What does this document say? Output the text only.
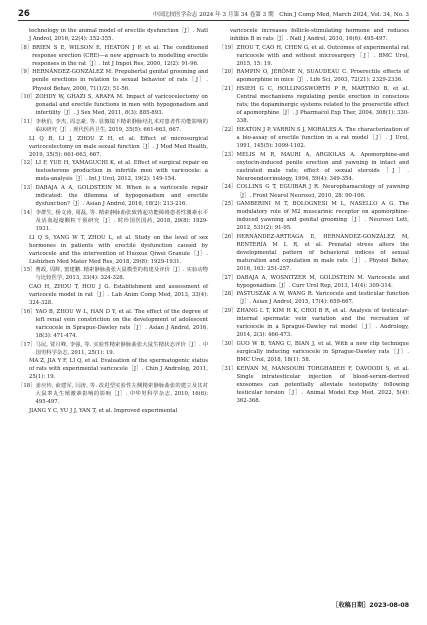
26	中国比较医学杂志 2024 年 3 月第 34 卷第 3 期　Chin J Comp Med, March 2024, Vol. 34, No. 3
technology in the animal model of erectile dysfunction［J］. Natl J Androl, 2016, 22(4): 352-355.
［8］ BRIEN S E, WILSON E, HEATON J P, et al. The conditioned response erection (CRE)—a new approach to modelling erectile responses in the rat［J］. Int J Impot Res, 2000, 12(2): 91-96.
［9］ HERNÁNDEZ-GONZÁLEZ M. Prepubertal genital grooming and penile erections in relation to sexual behavior of rats［J］. Physiol Behav, 2000, 71(1/2): 51-56.
［10］ ZOHDY W, GHAZI S, ARAFA M. Impact of varicocelectomy on gonadal and erectile functions in men with hypogonadism and infertility［J］. J Sex Med, 2011, 8(3): 885-893.
［11］ 李秋伯, 李杰, 周志豪, 等. 显微镜下精索静脉结扎术对患者性功能影响的临床研究［J］. 现代医药卫生, 2019, 35(5): 661-663, 667.
LI Q B, LI J, ZHOU Z H, et al. Effect of microsurgical varicocelectomy on male sexual function［J］. J Mod Med Health, 2019, 35(5): 661-663, 667.
［12］ LI F, YUE H, YAMAGUCHI K, et al. Effect of surgical repair on testosterone production in infertile men with varicocele: a meta-analysis［J］. Int J Urol, 2012, 19(2): 149-154.
［13］ DABAJA A A, GOLDSTEIN M. When is a varicocele repair indicated: the dilemma of hypogonadism and erectile dysfunction?［J］. Asian J Androl, 2016, 18(2): 213-216.
［14］ 李群生, 杨文涛, 周磊, 等. 精索静脉曲张致勃起功能障碍患者性激素水平及活血起痿颗粒干预研究［J］. 时珍国医国药, 2018, 29(8): 1929-1931.
LI Q S, YANG W T, ZHOU L, et al. Study on the level of sex hormones in patients with erectile dysfunction caused by varicocele and the intervention of Huoxue Qiwei Granule［J］. Lishizhen Med Mater Med Res, 2018, 29(8): 1929-1931.
［15］ 曹政, 周辉, 窦建鹏. 精索静脉曲张大鼠模型的构建及评价［J］. 实验动物与比较医学, 2013, 33(4): 324-328.
CAO H, ZHOU T, HOU J G. Establishment and assessment of varicocele model in rat［J］. Lab Anim Comp Med, 2013, 33(4): 324-328.
［16］ YAO B, ZHOU W L, HAN D Y, et al. The effect of the degree of left renal vein constriction on the development of adolescent varicocele in Sprague-Dawley rats［J］. Asian J Androl, 2016, 18(3): 471-474.
［17］ 马民, 贾月峰, 李强, 等. 实验性精索静脉曲张大鼠生精状态评价［J］. 中国男科学杂志, 2011, 25(1): 19.
MA Z, JIA Y F, LI Q, et al. Evaluation of the spermatogenic status of rats with experimental varicocele［J］. Chin J Androlog, 2011, 25(1): 19.
［18］ 姜应传, 俞建军, 闫涛, 等. 改进型实验性左侧精索静脉曲张的建立及其对大鼠睾丸生殖激素影响的影响［J］. 中华男科学杂志, 2010, 16(6): 495-497.
JIANG Y C, YU J J, YAN T, et al. Improved experimental
varicocele increases follicle-stimulating hormone and reduces inhibin B in rats［J］. Natl J Androl, 2010, 16(6): 495-497.
［19］ ZHOU T, CAO H, CHEN G, et al. Outcomes of experimental rat varicocele with and without microsurgery［J］. BMC Urol, 2015, 15: 19.
［20］ RAMPIN O, JÉRÔME N, SUAUDEAU C. Proerectile effects of apomorphine in mice［J］. Life Sci, 2003, 72(21): 2329-2336.
［21］ HSIEH G C, HOLLINGSWORTH P R, MARTINO B, et al. Central mechanisms regulating penile erection in conscious rats; the dopaminergic systems related to the proerectile effect of apomorphine［J］. J Pharmacol Exp Ther, 2004, 308(1): 330-338.
［22］ HEATON J P, VARRIN S J, MORALES A. The characterization of a bio-assay of erectile function in a rat model［J］. J Urol, 1991, 145(5): 1099-1102.
［23］ MELIS M R, MAURI A, ARGIOLAS A. Apomorphine-and oxytocin-induced penile erection and yawning in intact and castrated male rats; effect of sexual steroids［J］. Neuroendocrinology, 1994, 59(4): 349-354.
［24］ COLLINS G T, EGUIBAR J R. Neurophamacology of yawning［J］. Front Neurol Neurosci, 2010, 28: 90-106.
［25］ GAMBERINI M T, BOLOGNESI M L, NASELLO A G. The modulatory role of M2 muscarinic receptor on apomorphine-induced yawning and genital grooming［J］. Neurosci Lett, 2012, 531(2): 91-95.
［26］ HERNÁNDEZ-ARTEAGA E, HERNÁNDEZ-GONZÁLEZ M, RENTERÍA M L R, et al. Prenatal stress alters the developmental pattern of behavioral indices of sexual maturation and copulation in male rats［J］. Physiol Behav, 2016, 163: 251-257.
［27］ DABAJA A, WOSNITZER M, GOLDSTEIN M. Varicocele and hypogonadism［J］. Curr Urol Rep, 2013, 14(4): 309-314.
［28］ PASTUSZAK A W, WANG R. Varicocele and testicular function［J］. Asian J Androl, 2015, 17(4): 659-667.
［29］ ZHANG L T, KIM H K, CHOI B R, et al. Analysis of testicular-internal spermatic vein variation and the recreation of varicocele in a Sprague-Dawley rat model［J］. Andrology, 2014, 2(3): 466-473.
［30］ GUO W B, YANG C, BIAN J, et al. With a new clip technique surgically inducing varicocele in Sprague-Dawley rats［J］. BMC Urol, 2018, 18(1): 58.
［31］ KEIVAN M, MANSOURI TORGHABEH F, DAVOODI S, et al. Single intratesticular injection of blood-serum-derived exosomes can potentially alleviate testopathy following testicular torsion［J］. Animal Model Exp Med, 2022, 5(4): 362-368.
［收稿日期］2023-08-08
